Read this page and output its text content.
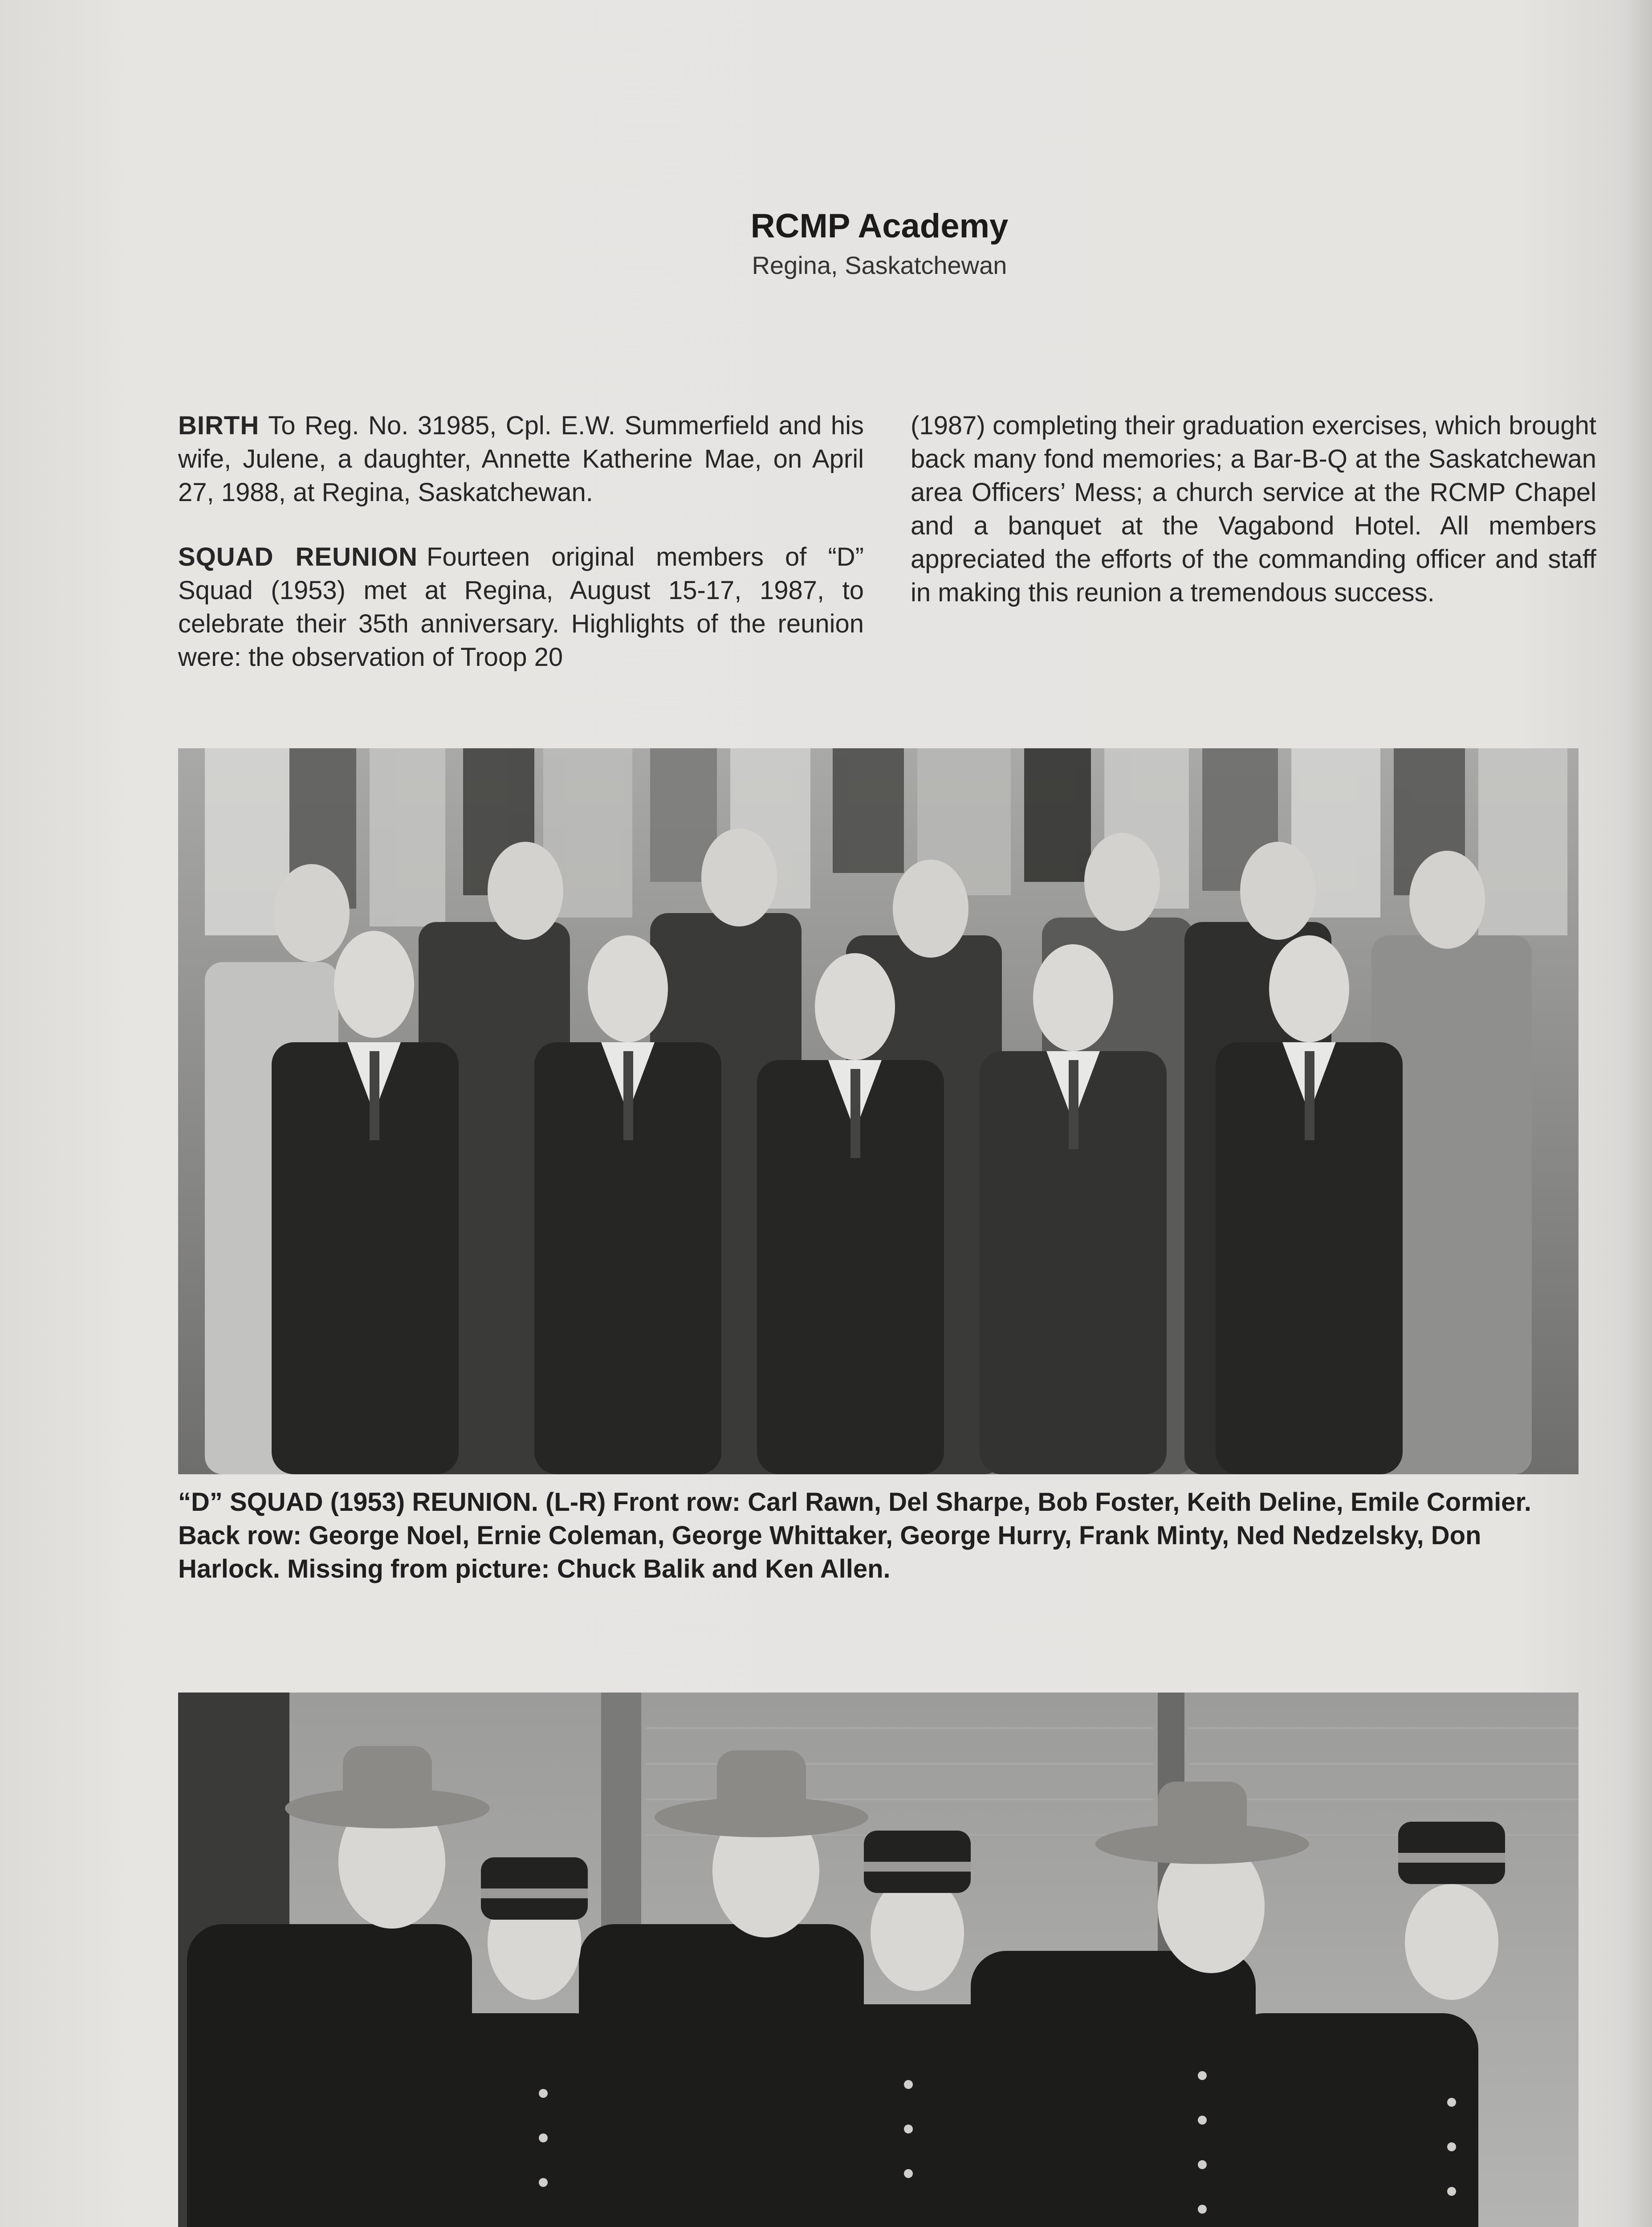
RCMP Academy

Regina, Saskatchewan

BIRTH To Reg. No. 31985, Cpl. E.W. Summerfield and his wife, Julene, a daughter, Annette Katherine Mae, on April 27, 1988, at Regina, Saskatchewan.

SQUAD REUNION Fourteen original members of “D” Squad (1953) met at Regina, August 15-17, 1987, to celebrate their 35th anniversary. Highlights of the reunion were: the observation of Troop 20

(1987) completing their graduation exercises, which brought back many fond memories; a Bar-B-Q at the Saskatchewan area Officers’ Mess; a church service at the RCMP Chapel and a banquet at the Vagabond Hotel. All members appreciated the efforts of the commanding officer and staff in making this reunion a tremendous success.

“D” SQUAD (1953) REUNION. (L-R) Front row: Carl Rawn, Del Sharpe, Bob Foster, Keith Deline, Emile Cormier. Back row: George Noel, Ernie Coleman, George Whittaker, George Hurry, Frank Minty, Ned Nedzelsky, Don Harlock. Missing from picture: Chuck Balik and Ken Allen.
